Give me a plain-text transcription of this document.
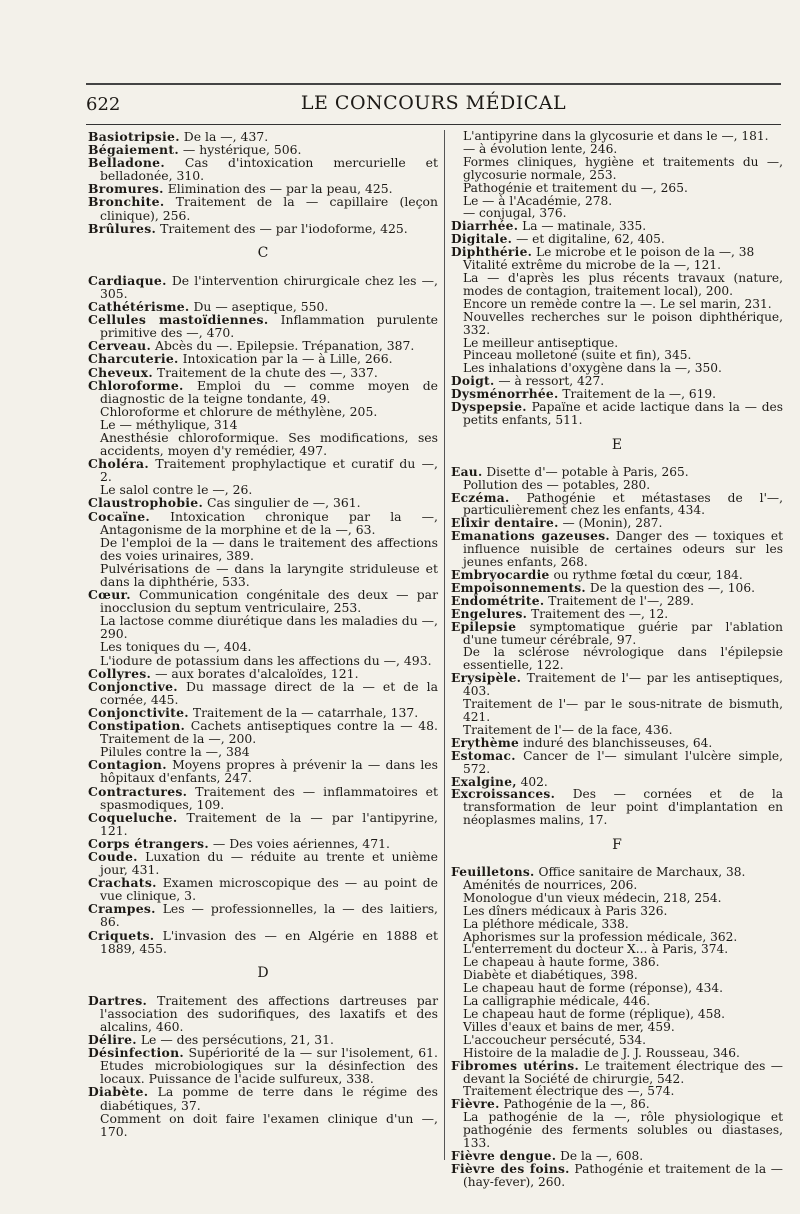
622	LE CONCOURS MÉDICAL

Basiotripsie. De la —, 437.

Bégaiement. — hystérique, 506.

Belladone. Cas d'intoxication mercurielle et belladonée, 310.

Bromures. Elimination des — par la peau, 425.

Bronchite. Traitement de la — capillaire (leçon clinique), 256.

Brûlures. Traitement des — par l'iodoforme, 425.

C

Cardiaque. De l'intervention chirurgicale chez les —, 305.

Cathétérisme. Du — aseptique, 550.

Cellules mastoïdiennes. Inflammation purulente primitive des —, 470.

Cerveau. Abcès du —. Epilepsie. Trépanation, 387.

Charcuterie. Intoxication par la — à Lille, 266.

Cheveux. Traitement de la chute des —, 337.

Chloroforme. Emploi du — comme moyen de diagnostic de la teigne tondante, 49.

Chloroforme et chlorure de méthylène, 205.

Le — méthylique, 314

Anesthésie chloroformique. Ses modifications, ses accidents, moyen d'y remédier, 497.

Choléra. Traitement prophylactique et curatif du —, 2.

Le salol contre le —, 26.

Claustrophobie. Cas singulier de —, 361.

Cocaïne. Intoxication chronique par la —, Antagonisme de la morphine et de la —, 63.

De l'emploi de la — dans le traitement des affections des voies urinaires, 389.

Pulvérisations de — dans la laryngite striduleuse et dans la diphthérie, 533.

Cœur. Communication congénitale des deux — par inocclusion du septum ventriculaire, 253.

La lactose comme diurétique dans les maladies du —, 290.

Les toniques du —, 404.

L'iodure de potassium dans les affections du —, 493.

Collyres. — aux borates d'alcaloïdes, 121.

Conjonctive. Du massage direct de la — et de la cornée, 445.

Conjonctivite. Traitement de la — catarrhale, 137.

Constipation. Cachets antiseptiques contre la — 48. Traitement de la —, 200.

Pilules contre la —, 384

Contagion. Moyens propres à prévenir la — dans les hôpitaux d'enfants, 247.

Contractures. Traitement des — inflammatoires et spasmodiques, 109.

Coqueluche. Traitement de la — par l'antipyrine, 121.

Corps étrangers. — Des voies aériennes, 471.

Coude. Luxation du — réduite au trente et unième jour, 431.

Crachats. Examen microscopique des — au point de vue clinique, 3.

Crampes. Les — professionnelles, la — des laitiers, 86.

Criquets. L'invasion des — en Algérie en 1888 et 1889, 455.

D

Dartres. Traitement des affections dartreuses par l'association des sudorifiques, des laxatifs et des alcalins, 460.

Délire. Le — des persécutions, 21, 31.

Désinfection. Supériorité de la — sur l'isolement, 61. Etudes microbiologiques sur la désinfection des locaux. Puissance de l'acide sulfureux, 338.

Diabète. La pomme de terre dans le régime des diabétiques, 37.

Comment on doit faire l'examen clinique d'un —, 170.

L'antipyrine dans la glycosurie et dans le —, 181.

— à évolution lente, 246.

Formes cliniques, hygiène et traitements du —, glycosurie normale, 253.

Pathogénie et traitement du —, 265.

Le — à l'Académie, 278.

— conjugal, 376.

Diarrhée. La — matinale, 335.

Digitale. — et digitaline, 62, 405.

Diphthérie. Le microbe et le poison de la —, 38

Vitalité extrême du microbe de la —, 121.

La — d'après les plus récents travaux (nature, modes de contagion, traitement local), 200.

Encore un remède contre la —. Le sel marin, 231.

Nouvelles recherches sur le poison diphthérique, 332.

Le meilleur antiseptique.

Pinceau molletoné (suite et fin), 345.

Les inhalations d'oxygène dans la —, 350.

Doigt. — à ressort, 427.

Dysménorrhée. Traitement de la —, 619.

Dyspepsie. Papaïne et acide lactique dans la — des petits enfants, 511.

E

Eau. Disette d'— potable à Paris, 265.

Pollution des — potables, 280.

Eczéma. Pathogénie et métastases de l'—, particulièrement chez les enfants, 434.

Elixir dentaire. — (Monin), 287.

Emanations gazeuses. Danger des — toxiques et influence nuisible de certaines odeurs sur les jeunes enfants, 268.

Embryocardie ou rythme fœtal du cœur, 184.

Empoisonnements. De la question des —, 106.

Endométrite. Traitement de l'—, 289.

Engelures. Traitement des —, 12.

Epilepsie symptomatique guérie par l'ablation d'une tumeur cérébrale, 97.

De la sclérose névrologique dans l'épilepsie essentielle, 122.

Erysipèle. Traitement de l'— par les antiseptiques, 403.

Traitement de l'— par le sous-nitrate de bismuth, 421.

Traitement de l'— de la face, 436.

Erythème induré des blanchisseuses, 64.

Estomac. Cancer de l'— simulant l'ulcère simple, 572.

Exalgine, 402.

Excroissances. Des — cornées et de la transformation de leur point d'implantation en néoplasmes malins, 17.

F

Feuilletons. Office sanitaire de Marchaux, 38.

Aménités de nourrices, 206.

Monologue d'un vieux médecin, 218, 254.

Les dîners médicaux à Paris 326.

La pléthore médicale, 338.

Aphorismes sur la profession médicale, 362.

L'enterrement du docteur X... à Paris, 374.

Le chapeau à haute forme, 386.

Diabète et diabétiques, 398.

Le chapeau haut de forme (réponse), 434.

La calligraphie médicale, 446.

Le chapeau haut de forme (réplique), 458.

Villes d'eaux et bains de mer, 459.

L'accoucheur persécuté, 534.

Histoire de la maladie de J. J. Rousseau, 346.

Fibromes utérins. Le traitement électrique des — devant la Société de chirurgie, 542.

Traitement électrique des —, 574.

Fièvre. Pathogénie de la —, 86.

La pathogénie de la —, rôle physiologique et pathogénie des ferments solubles ou diastases, 133.

Fièvre dengue. De la —, 608.

Fièvre des foins. Pathogénie et traitement de la — (hay-fever), 260.
